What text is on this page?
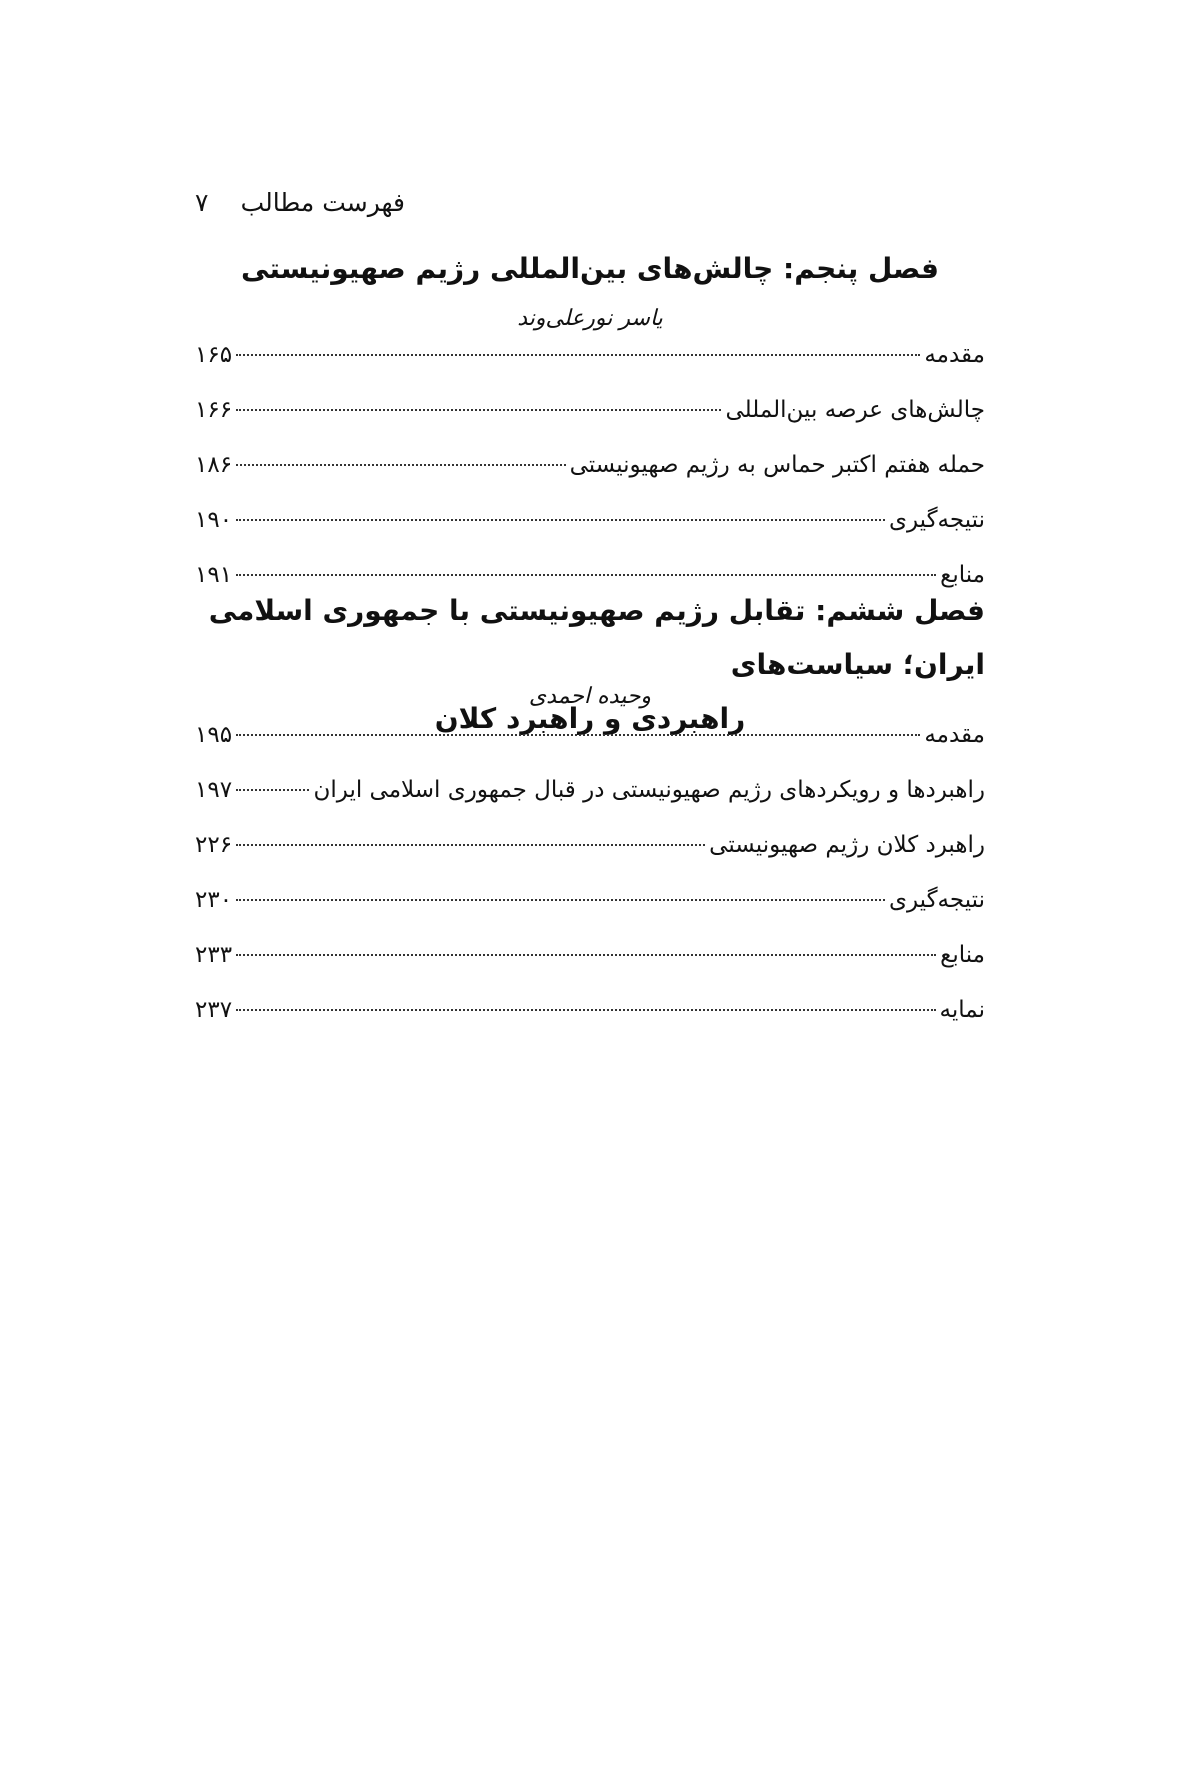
فهرست مطالب
۷
فصل پنجم: چالش‌های بین‌المللی رژیم صهیونیستی
یاسر نورعلی‌وند
مقدمه
۱۶۵
چالش‌های عرصه بین‌المللی
۱۶۶
حمله هفتم اکتبر حماس به رژیم صهیونیستی
۱۸۶
نتیجه‌گیری
۱۹۰
منابع
۱۹۱
فصل ششم: تقابل رژیم صهیونیستی با جمهوری اسلامی ایران؛ سیاست‌های
راهبردی و راهبرد کلان
وحیده احمدی
مقدمه
۱۹۵
راهبردها و رویکردهای رژیم صهیونیستی در قبال جمهوری اسلامی ایران
۱۹۷
راهبرد کلان رژیم صهیونیستی
۲۲۶
نتیجه‌گیری
۲۳۰
منابع
۲۳۳
نمایه
۲۳۷
